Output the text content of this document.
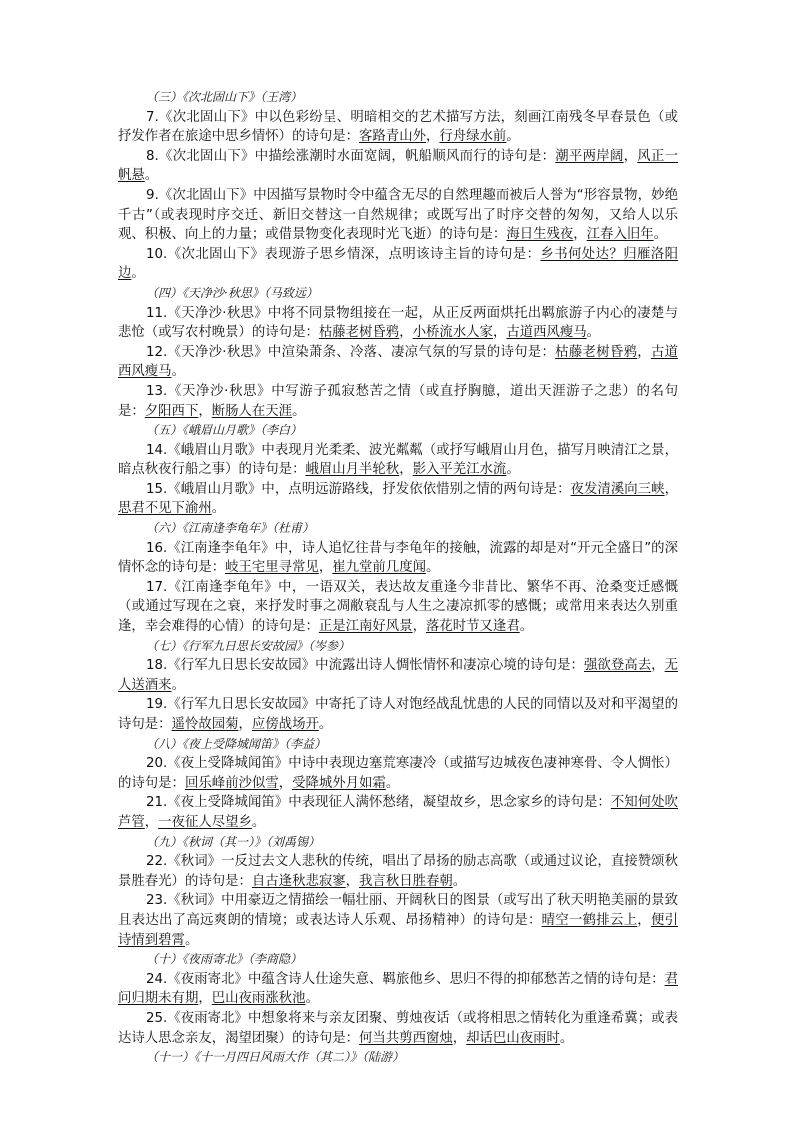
（三）《次北固山下》（王湾）

7.《次北固山下》中以色彩纷呈、明暗相交的艺术描写方法，刻画江南残冬早春景色（或抒发作者在旅途中思乡情怀）的诗句是：客路青山外，行舟绿水前。

8.《次北固山下》中描绘涨潮时水面宽阔，帆船顺风而行的诗句是：潮平两岸阔，风正一帆悬。

9.《次北固山下》中因描写景物时令中蕴含无尽的自然理趣而被后人誉为“形容景物，妙绝千古”（或表现时序交迁、新旧交替这一自然规律；或既写出了时序交替的匆匆，又给人以乐观、积极、向上的力量；或借景物变化表现时光飞逝）的诗句是：海日生残夜，江春入旧年。

10.《次北固山下》表现游子思乡情深，点明该诗主旨的诗句是：乡书何处达？归雁洛阳边。

（四）《天净沙·秋思》（马致远）

11.《天净沙·秋思》中将不同景物组接在一起，从正反两面烘托出羁旅游子内心的凄楚与悲怆（或写农村晚景）的诗句是：枯藤老树昏鸦，小桥流水人家，古道西风瘦马。

12.《天净沙·秋思》中渲染萧条、冷落、凄凉气氛的写景的诗句是：枯藤老树昏鸦，古道西风瘦马。

13.《天净沙·秋思》中写游子孤寂愁苦之情（或直抒胸臆，道出天涯游子之悲）的名句是：夕阳西下，断肠人在天涯。

（五）《峨眉山月歌》（李白）

14.《峨眉山月歌》中表现月光柔柔、波光粼粼（或抒写峨眉山月色，描写月映清江之景，暗点秋夜行船之事）的诗句是：峨眉山月半轮秋，影入平羌江水流。

15.《峨眉山月歌》中，点明远游路线，抒发依依惜别之情的两句诗是：夜发清溪向三峡，思君不见下渝州。

（六）《江南逢李龟年》（杜甫）

16.《江南逢李龟年》中，诗人追忆往昔与李龟年的接触，流露的却是对“开元全盛日”的深情怀念的诗句是：岐王宅里寻常见，崔九堂前几度闻。

17.《江南逢李龟年》中，一语双关，表达故友重逢今非昔比、繁华不再、沧桑变迁感慨（或通过写现在之衰，来抒发时事之凋敝衰乱与人生之凄凉抓零的感慨；或常用来表达久别重逢，幸会难得的心情）的诗句是：正是江南好风景，落花时节又逢君。

（七）《行军九日思长安故园》（岑参）

18.《行军九日思长安故园》中流露出诗人惆怅情怀和凄凉心境的诗句是：强欲登高去，无人送酒来。

19.《行军九日思长安故园》中寄托了诗人对饱经战乱忧患的人民的同情以及对和平渴望的诗句是：遥怜故园菊，应傍战场开。

（八）《夜上受降城闻笛》（李益）

20.《夜上受降城闻笛》中诗中表现边塞荒寒凄冷（或描写边城夜色凄神寒骨、令人惆怅）的诗句是：回乐峰前沙似雪，受降城外月如霜。

21.《夜上受降城闻笛》中表现征人满怀愁绪，凝望故乡，思念家乡的诗句是：不知何处吹芦管，一夜征人尽望乡。

（九）《秋词（其一）》（刘禹锡）

22.《秋词》一反过去文人悲秋的传统，唱出了昂扬的励志高歌（或通过议论，直接赞颂秋景胜春光）的诗句是：自古逢秋悲寂寥，我言秋日胜春朝。

23.《秋词》中用豪迈之情描绘一幅壮丽、开阔秋日的图景（或写出了秋天明艳美丽的景致且表达出了高远爽朗的情境；或表达诗人乐观、昂扬精神）的诗句是：晴空一鹤排云上，便引诗情到碧霄。

（十）《夜雨寄北》（李商隐）

24.《夜雨寄北》中蕴含诗人仕途失意、羁旅他乡、思归不得的抑郁愁苦之情的诗句是：君问归期未有期，巴山夜雨涨秋池。

25.《夜雨寄北》中想象将来与亲友团聚、剪烛夜话（或将相思之情转化为重逢希冀；或表达诗人思念亲友，渴望团聚）的诗句是：何当共剪西窗烛，却话巴山夜雨时。

（十一）《十一月四日风雨大作（其二）》（陆游）
